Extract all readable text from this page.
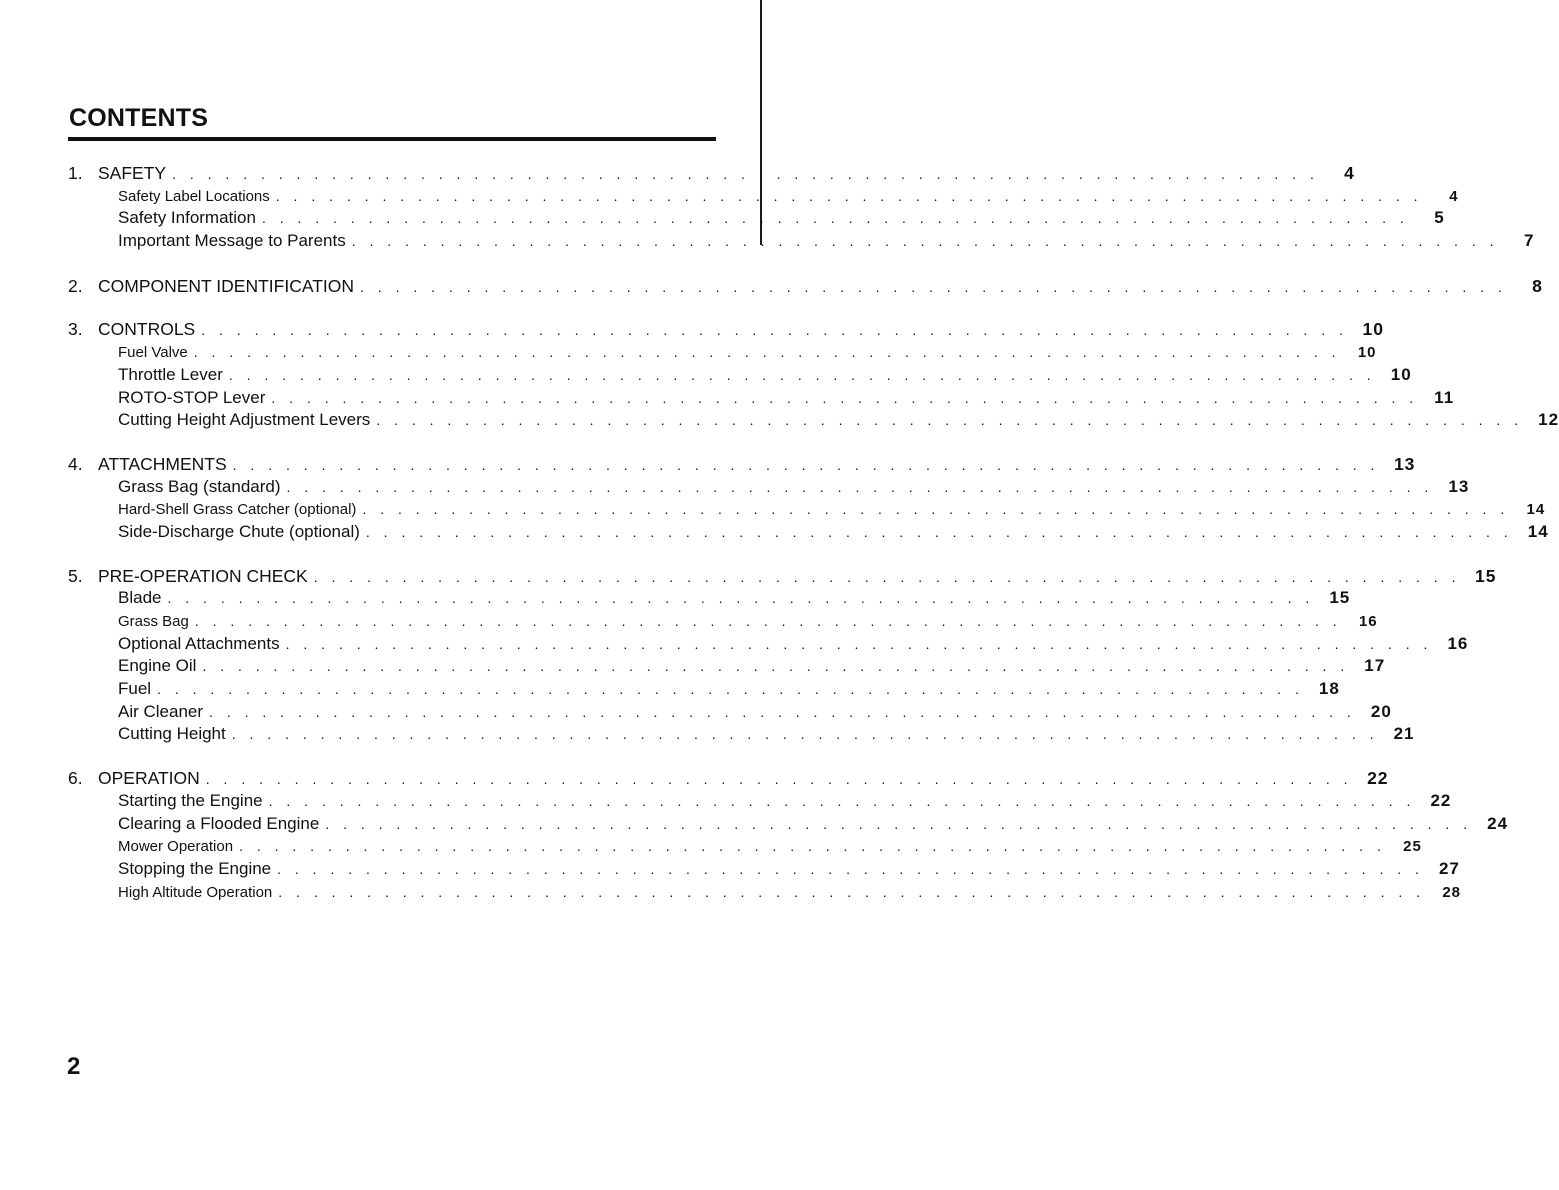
CONTENTS
1. SAFETY . . . . . . . . . . . . . . . . . . . . . . . . . . . . . . . . . . . . . . . . . . . . . . . . . . . . . . . . . . . . . . . . .	4
Safety Label Locations . . . . . . . . . . . . . . . . . . . . . . . . . . . . . . . . . . . . . . . . . . . . . . . . . . . . . . . . . . . . . . . . .	4
Safety Information . . . . . . . . . . . . . . . . . . . . . . . . . . . . . . . . . . . . . . . . . . . . . . . . . . . . . . . . . . . . . . . . .	5
Important Message to Parents . . . . . . . . . . . . . . . . . . . . . . . . . . . . . . . . . . . . . . . . . . . . . . . . . . . . . . . . . . . . . . . . .	7
2. COMPONENT IDENTIFICATION . . . . . . . . . . . . . . . . . . . . . . . . . . . . . . . . . . . . . . . . . . . . . . . . . . . . . . . . . . . . . . . . .	8
3. CONTROLS . . . . . . . . . . . . . . . . . . . . . . . . . . . . . . . . . . . . . . . . . . . . . . . . . . . . . . . . . . . . . . . . . 10
Fuel Valve . . . . . . . . . . . . . . . . . . . . . . . . . . . . . . . . . . . . . . . . . . . . . . . . . . . . . . . . . . . . . . . . .	10
Throttle Lever . . . . . . . . . . . . . . . . . . . . . . . . . . . . . . . . . . . . . . . . . . . . . . . . . . . . . . . . . . . . . . . . . 10
ROTO-STOP Lever . . . . . . . . . . . . . . . . . . . . . . . . . . . . . . . . . . . . . . . . . . . . . . . . . . . . . . . . . . . . . . . . . 11
Cutting Height Adjustment Levers . . . . . . . . . . . . . . . . . . . . . . . . . . . . . . . . . . . . . . . . . . . . . . . . . . . . . . . . . . . . . . . . . 12
4. ATTACHMENTS . . . . . . . . . . . . . . . . . . . . . . . . . . . . . . . . . . . . . . . . . . . . . . . . . . . . . . . . . . . . . . . . . 13
Grass Bag (standard) . . . . . . . . . . . . . . . . . . . . . . . . . . . . . . . . . . . . . . . . . . . . . . . . . . . . . . . . . . . . . . . . . 13
Hard-Shell Grass Catcher (optional) . . . . . . . . . . . . . . . . . . . . . . . . . . . . . . . . . . . . . . . . . . . . . . . . . . . . . . . . . . . . . . . . .	14
Side-Discharge Chute (optional) . . . . . . . . . . . . . . . . . . . . . . . . . . . . . . . . . . . . . . . . . . . . . . . . . . . . . . . . . . . . . . . . . 14
5. PRE-OPERATION CHECK . . . . . . . . . . . . . . . . . . . . . . . . . . . . . . . . . . . . . . . . . . . . . . . . . . . . . . . . . . . . . . . . . 15
Blade . . . . . . . . . . . . . . . . . . . . . . . . . . . . . . . . . . . . . . . . . . . . . . . . . . . . . . . . . . . . . . . . . 15
Grass Bag . . . . . . . . . . . . . . . . . . . . . . . . . . . . . . . . . . . . . . . . . . . . . . . . . . . . . . . . . . . . . . . . .	16
Optional Attachments . . . . . . . . . . . . . . . . . . . . . . . . . . . . . . . . . . . . . . . . . . . . . . . . . . . . . . . . . . . . . . . . . 16
Engine Oil . . . . . . . . . . . . . . . . . . . . . . . . . . . . . . . . . . . . . . . . . . . . . . . . . . . . . . . . . . . . . . . . . 17
Fuel . . . . . . . . . . . . . . . . . . . . . . . . . . . . . . . . . . . . . . . . . . . . . . . . . . . . . . . . . . . . . . . . . 18
Air Cleaner . . . . . . . . . . . . . . . . . . . . . . . . . . . . . . . . . . . . . . . . . . . . . . . . . . . . . . . . . . . . . . . . . 20
Cutting Height . . . . . . . . . . . . . . . . . . . . . . . . . . . . . . . . . . . . . . . . . . . . . . . . . . . . . . . . . . . . . . . . . 21
6. OPERATION . . . . . . . . . . . . . . . . . . . . . . . . . . . . . . . . . . . . . . . . . . . . . . . . . . . . . . . . . . . . . . . . . 22
Starting the Engine . . . . . . . . . . . . . . . . . . . . . . . . . . . . . . . . . . . . . . . . . . . . . . . . . . . . . . . . . . . . . . . . . 22
Clearing a Flooded Engine . . . . . . . . . . . . . . . . . . . . . . . . . . . . . . . . . . . . . . . . . . . . . . . . . . . . . . . . . . . . . . . . . 24
Mower Operation . . . . . . . . . . . . . . . . . . . . . . . . . . . . . . . . . . . . . . . . . . . . . . . . . . . . . . . . . . . . . . . . .	25
Stopping the Engine . . . . . . . . . . . . . . . . . . . . . . . . . . . . . . . . . . . . . . . . . . . . . . . . . . . . . . . . . . . . . . . . . 27
High Altitude Operation . . . . . . . . . . . . . . . . . . . . . . . . . . . . . . . . . . . . . . . . . . . . . . . . . . . . . . . . . . . . . . . . .	28
2
